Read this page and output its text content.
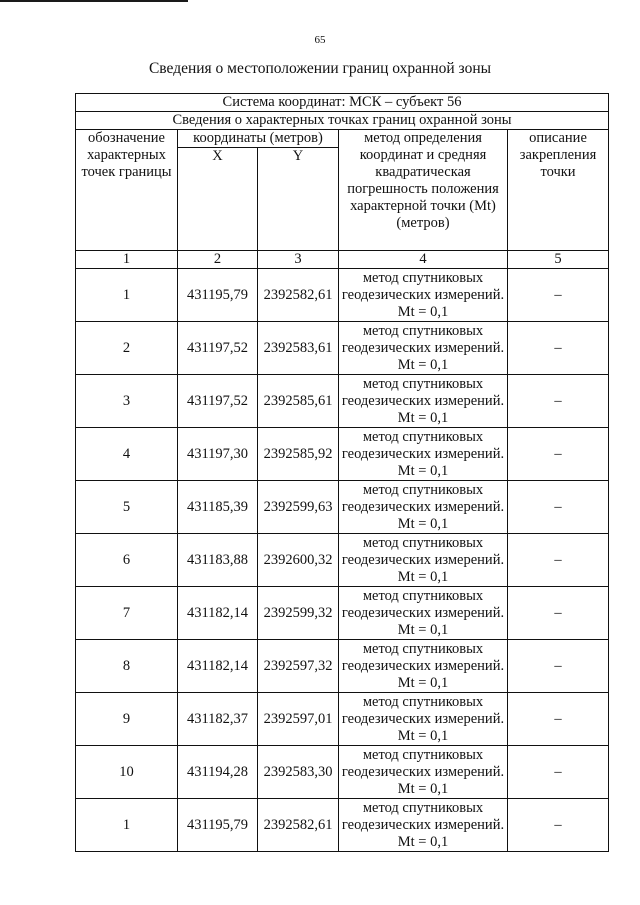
65
Сведения о местоположении границ охранной зоны
Система координат: МСК – субъект 56				
Сведения о характерных точках границ охранной зоны				
обозначение характерных точек границы	координаты (метров)		метод определения координат и средняя квадратическая погрешность положения характерной точки (Mt) (метров)	описание закрепления точки
	X	Y		
1	2	3	4	5
1	431195,79	2392582,61	метод спутниковых геодезических измерений. Mt = 0,1	–
2	431197,52	2392583,61	метод спутниковых геодезических измерений. Mt = 0,1	–
3	431197,52	2392585,61	метод спутниковых геодезических измерений. Mt = 0,1	–
4	431197,30	2392585,92	метод спутниковых геодезических измерений. Mt = 0,1	–
5	431185,39	2392599,63	метод спутниковых геодезических измерений. Mt = 0,1	–
6	431183,88	2392600,32	метод спутниковых геодезических измерений. Mt = 0,1	–
7	431182,14	2392599,32	метод спутниковых геодезических измерений. Mt = 0,1	–
8	431182,14	2392597,32	метод спутниковых геодезических измерений. Mt = 0,1	–
9	431182,37	2392597,01	метод спутниковых геодезических измерений. Mt = 0,1	–
10	431194,28	2392583,30	метод спутниковых геодезических измерений. Mt = 0,1	–
1	431195,79	2392582,61	метод спутниковых геодезических измерений. Mt = 0,1	–
